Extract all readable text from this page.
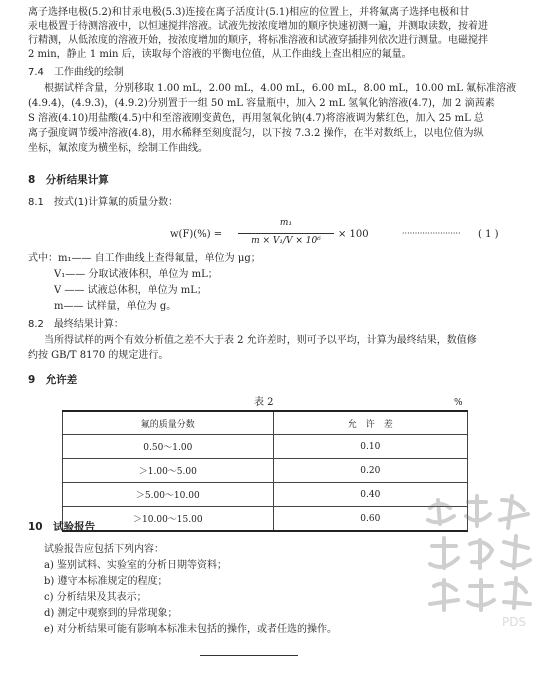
离子选择电极(5.2)和甘汞电极(5.3)连接在离子活度计(5.1)相应的位置上，并将氟离子选择电极和甘
汞电极置于待测溶液中，以恒速搅拌溶液。试液先按浓度增加的顺序快速初测一遍，并测取读数，按着进
行精测，从低浓度的溶液开始，按浓度增加的顺序，将标准溶液和试液穿插排列依次进行测量。电磁搅拌
2 min，静止 1 min 后，读取每个溶液的平衡电位值，从工作曲线上查出相应的氟量。
7.4　工作曲线的绘制
根据试样含量，分别移取 1.00 mL，2.00 mL，4.00 mL，6.00 mL，8.00 mL，10.00 mL 氟标准溶液
(4.9.4)，(4.9.3)，(4.9.2)分别置于一组 50 mL 容量瓶中，加入 2 mL 氢氧化钠溶液(4.7)，加 2 滴茜素
S 溶液(4.10)用盐酸(4.5)中和至溶液刚变黄色，再用氢氧化钠(4.7)将溶液调为紫红色，加入 25 mL 总
离子强度调节缓冲溶液(4.8)，用水稀释至刻度混匀，以下按 7.3.2 操作，在半对数纸上，以电位值为纵
坐标，氟浓度为横坐标，绘制工作曲线。
8　分析结果计算
8.1　按式(1)计算氟的质量分数：
w(F)(%) =
m₁
m × V₁/V × 10⁶
× 100	······················· ( 1 )
式中：m₁—— 自工作曲线上查得氟量，单位为 μg；
V₁—— 分取试液体积，单位为 mL；
V —— 试液总体积，单位为 mL；
m—— 试样量，单位为 g。
8.2　最终结果计算：
当所得试样的两个有效分析值之差不大于表 2 允许差时，则可予以平均，计算为最终结果，数值修
约按 GB/T 8170 的规定进行。
9　允许差
表 2	%
氟的质量分数	允　许　差
0.50～1.00	0.10
＞1.00～5.00	0.20
＞5.00～10.00	0.40
＞10.00～15.00	0.60
10　试验报告
试验报告应包括下列内容：
a) 鉴别试料、实验室的分析日期等资料；
b) 遵守本标准规定的程度；
c) 分析结果及其表示；
d) 测定中观察到的异常现象；
e) 对分析结果可能有影响本标准未包括的操作，或者任选的操作。
PDS
